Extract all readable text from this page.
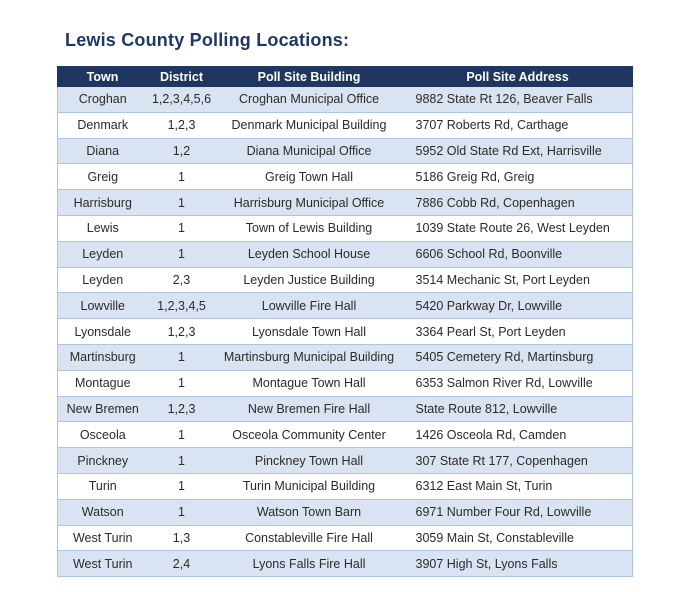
Lewis County Polling Locations:
Town	District	Poll Site Building	Poll Site Address
Croghan	1,2,3,4,5,6	Croghan Municipal Office	9882 State Rt 126, Beaver Falls
Denmark	1,2,3	Denmark Municipal Building	3707 Roberts Rd, Carthage
Diana	1,2	Diana Municipal Office	5952 Old State Rd Ext, Harrisville
Greig	1	Greig Town Hall	5186 Greig Rd, Greig
Harrisburg	1	Harrisburg Municipal Office	7886 Cobb Rd, Copenhagen
Lewis	1	Town of Lewis Building	1039 State Route 26, West Leyden
Leyden	1	Leyden School House	6606 School Rd, Boonville
Leyden	2,3	Leyden Justice Building	3514 Mechanic St, Port Leyden
Lowville	1,2,3,4,5	Lowville Fire Hall	5420 Parkway Dr, Lowville
Lyonsdale	1,2,3	Lyonsdale Town Hall	3364 Pearl St, Port Leyden
Martinsburg	1	Martinsburg Municipal Building	5405 Cemetery Rd, Martinsburg
Montague	1	Montague Town Hall	6353 Salmon River Rd, Lowville
New Bremen	1,2,3	New Bremen Fire Hall	State Route 812, Lowville
Osceola	1	Osceola Community Center	1426 Osceola Rd, Camden
Pinckney	1	Pinckney Town Hall	307 State Rt 177, Copenhagen
Turin	1	Turin Municipal Building	6312 East Main St, Turin
Watson	1	Watson Town Barn	6971 Number Four Rd, Lowville
West Turin	1,3	Constableville Fire Hall	3059 Main St, Constableville
West Turin	2,4	Lyons Falls Fire Hall	3907 High St, Lyons Falls
